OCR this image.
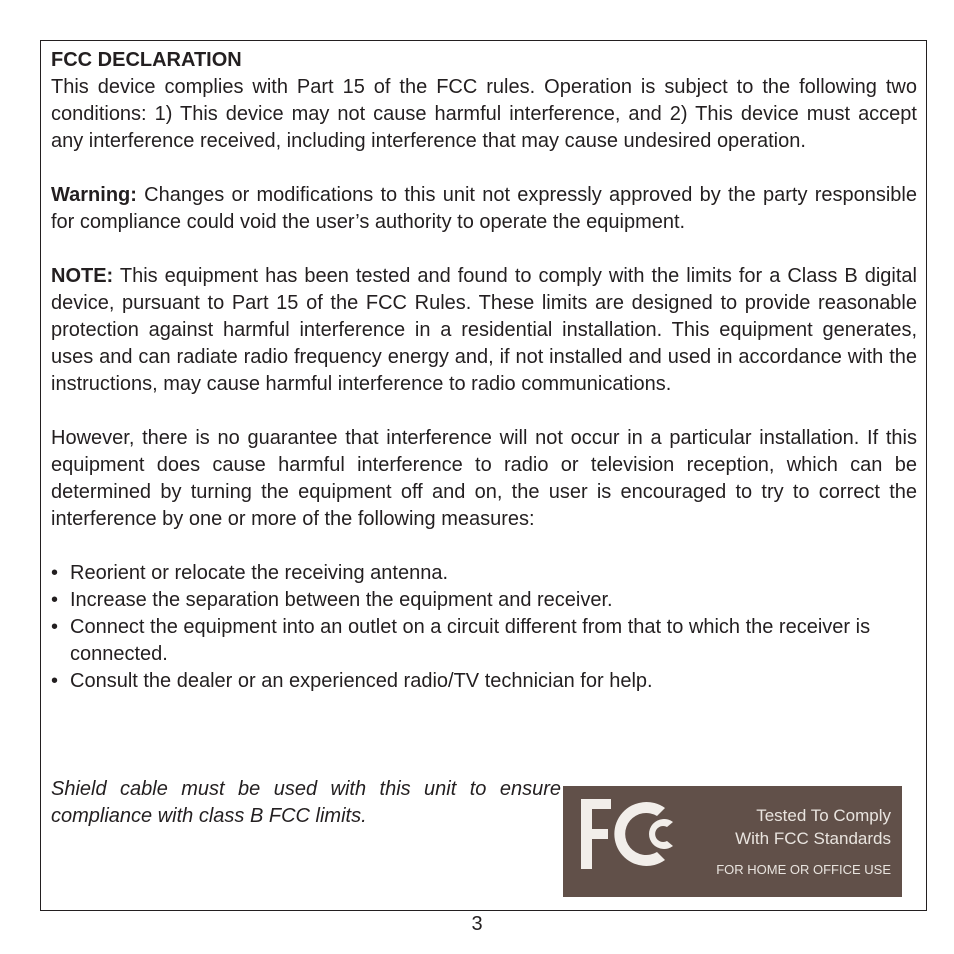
FCC DECLARATION

This device complies with Part 15 of the FCC rules. Operation is subject to the following two conditions: 1) This device may not cause harmful interference, and 2) This device must accept any interference received, including interference that may cause undesired operation.

Warning: Changes or modifications to this unit not expressly approved by the party responsible for compliance could void the user’s authority to operate the equipment.

NOTE: This equipment has been tested and found to comply with the limits for a Class B digital device, pursuant to Part 15 of the FCC Rules. These limits are designed to provide reasonable protection against harmful interference in a residential installation. This equipment generates, uses and can radiate radio frequency energy and, if not installed and used in accordance with the instructions, may cause harmful interference to radio communications.

However, there is no guarantee that interference will not occur in a particular installation. If this equipment does cause harmful interference to radio or television reception, which can be determined by turning the equipment off and on, the user is encouraged to try to correct the interference by one or more of the following measures:

• Reorient or relocate the receiving antenna.
• Increase the separation between the equipment and receiver.
• Connect the equipment into an outlet on a circuit different from that to which the receiver is connected.
• Consult the dealer or an experienced radio/TV technician for help.

Shield cable must be used with this unit to ensure compliance with class B FCC limits.	Tested To Comply
With FCC Standards
FOR HOME OR OFFICE USE
3
